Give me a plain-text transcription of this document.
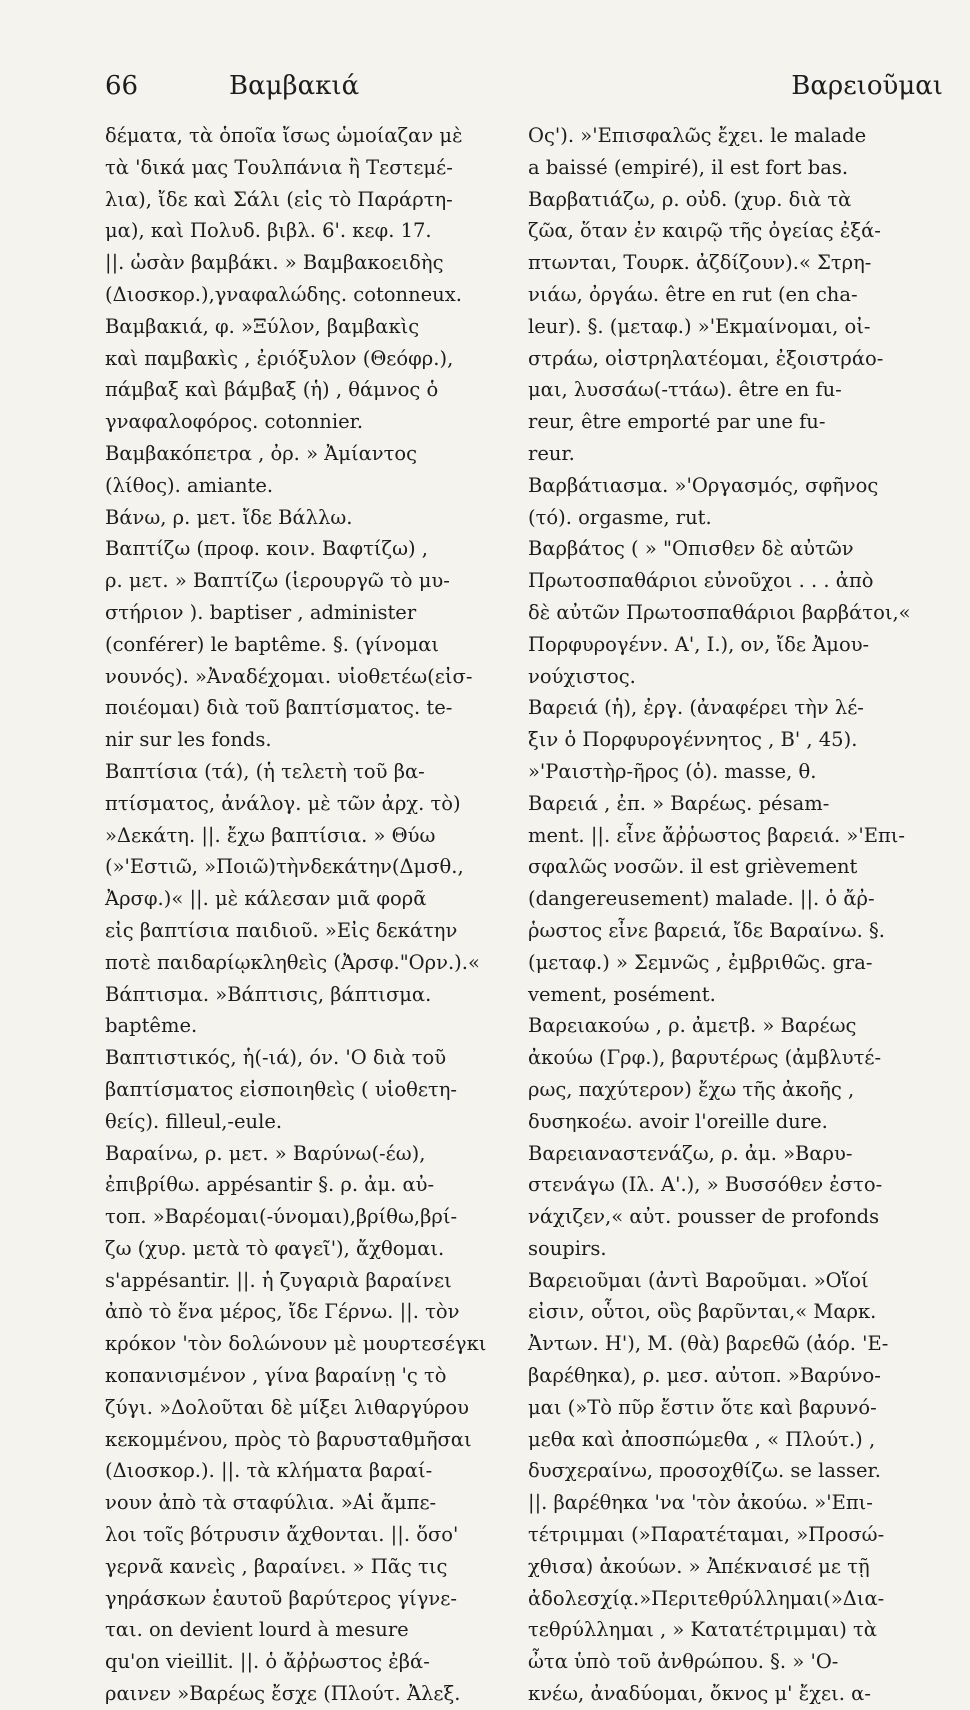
66	Βαμβακιά	Βαρειοῦμαι
δέματα, τὰ ὁποῖα ἴσως ὡμοίαζαν μὲ
τὰ 'δικά μας Τουλπάνια ἢ Τεστεμέ-
λια), ἴδε καὶ Σάλι (εἰς τὸ Παράρτη-
μα), καὶ Πολυδ. βιβλ. 6'. κεφ. 17.
||. ὡσὰν βαμβάκι. » Βαμβακοειδὴς
(Διοσκορ.),γναφαλώδης. cotonneux.
Βαμβακιά, φ. »Ξύλον, βαμβακὶς
καὶ παμβακὶς , ἐριόξυλον (Θεόφρ.),
πάμβαξ καὶ βάμβαξ (ἡ) , θάμνος ὁ
γναφαλοφόρος. cotonnier.
Βαμβακόπετρα , ὀρ. » Ἀμίαντος
(λίθος). amiante.
Βάνω, ρ. μετ. ἴδε Βάλλω.
Βαπτίζω (προφ. κοιν. Βαφτίζω) ,
ρ. μετ. » Βαπτίζω (ἱερουργῶ τὸ μυ-
στήριον ). baptiser , administer
(conférer) le baptême. §. (γίνομαι
νουνός). »Ἀναδέχομαι. υἱοθετέω(εἰσ-
ποιέομαι) διὰ τοῦ βαπτίσματος. te-
nir sur les fonds.
Βαπτίσια (τά), (ἡ τελετὴ τοῦ βα-
πτίσματος, ἀνάλογ. μὲ τῶν ἀρχ. τὸ)
»Δεκάτη. ||. ἔχω βαπτίσια. » Θύω
(»'Εστιῶ, »Ποιῶ)τὴνδεκάτην(Δμσθ.,
Ἀρσφ.)« ||. μὲ κάλεσαν μιᾶ φορᾶ
εἰς βαπτίσια παιδιοῦ. »Εἰς δεκάτην
ποτὲ παιδαρίῳκληθεὶς (Ἀρσφ."Ορν.).«
Βάπτισμα. »Βάπτισις, βάπτισμα.
baptême.
Βαπτιστικός, ἡ(-ιά), όν. 'Ο διὰ τοῦ
βαπτίσματος εἰσποιηθεὶς ( υἱοθετη-
θείς). filleul,-eule.
Βαραίνω, ρ. μετ. » Βαρύνω(-έω),
ἐπιβρίθω. appésantir §. ρ. ἀμ. αὐ-
τοπ. »Βαρέομαι(-ύνομαι),βρίθω,βρί-
ζω (χυρ. μετὰ τὸ φαγεῖ'), ἄχθομαι.
s'appésantir. ||. ἡ ζυγαριὰ βαραίνει
ἀπὸ τὸ ἕνα μέρος, ἴδε Γέρνω. ||. τὸν
κρόκον 'τὸν δολώνουν μὲ μουρτεσέγκι
κοπανισμένον , γίνα βαραίνῃ 'ς τὸ
ζύγι. »Δολοῦται δὲ μίξει λιθαργύρου
κεκομμένου, πρὸς τὸ βαρυσταθμῆσαι
(Διοσκορ.). ||. τὰ κλήματα βαραί-
νουν ἀπὸ τὰ σταφύλια. »Αἱ ἄμπε-
λοι τοῖς βότρυσιν ἄχθονται. ||. ὅσο'
γερνᾶ κανεὶς , βαραίνει. » Πᾶς τις
γηράσκων ἑαυτοῦ βαρύτερος γίγνε-
ται. on devient lourd à mesure
qu'on vieillit. ||. ὁ ἄῤῥωστος ἐβά-
ραινεν »Βαρέως ἔσχε (Πλούτ. Ἀλεξ.
Ος'). »'Επισφαλῶς ἔχει. le malade
a baissé (empiré), il est fort bas.
Βαρβατιάζω, ρ. οὐδ. (χυρ. διὰ τὰ
ζῶα, ὅταν ἐν καιρῷ τῆς ὀγείας ἐξά-
πτωνται, Τουρκ. ἀζδίζουν).« Στρη-
νιάω, ὀργάω. être en rut (en cha-
leur). §. (μεταφ.) »'Εκμαίνομαι, οἰ-
στράω, οἰστρηλατέομαι, ἐξοιστράο-
μαι, λυσσάω(-ττάω). être en fu-
reur, être emporté par une fu-
reur.
Βαρβάτιασμα. »'Οργασμός, σφῆνος
(τό). orgasme, rut.
Βαρβάτος ( » "Οπισθεν δὲ αὐτῶν
Πρωτοσπαθάριοι εὐνοῦχοι . . . ἀπὸ
δὲ αὐτῶν Πρωτοσπαθάριοι βαρβάτοι,«
Πορφυρογένν. Α', Ι.), ον, ἴδε Ἀμου-
νούχιστος.
Βαρειά (ἡ), ἐργ. (ἀναφέρει τὴν λέ-
ξιν ὁ Πορφυρογέννητος , Β' , 45).
»'Ραιστὴρ-ῆρος (ὁ). masse, θ.
Βαρειά , ἐπ. » Βαρέως. pésam-
ment. ||. εἶνε ἄῤῥωστος βαρειά. »'Επι-
σφαλῶς νοσῶν. il est grièvement
(dangereusement) malade. ||. ὁ ἄῤ-
ῥωστος εἶνε βαρειά, ἴδε Βαραίνω. §.
(μεταφ.) » Σεμνῶς , ἐμβριθῶς. gra-
vement, posément.
Βαρειακούω , ρ. ἀμετβ. » Βαρέως
ἀκούω (Γρφ.), βαρυτέρως (ἀμβλυτέ-
ρως, παχύτερον) ἔχω τῆς ἀκοῆς ,
δυσηκοέω. avoir l'oreille dure.
Βαρειαναστενάζω, ρ. ἀμ. »Βαρυ-
στενάγω (Ιλ. Α'.), » Βυσσόθεν ἐστο-
νάχιζεν,« αὐτ. pousser de profonds
soupirs.
Βαρειοῦμαι (ἀντὶ Βαροῦμαι. »Οἵοί
εἰσιν, οὗτοι, οὓς βαρῦνται,« Μαρκ.
Ἀντων. Η'), Μ. (θὰ) βαρεθῶ (ἀόρ. 'Ε-
βαρέθηκα), ρ. μεσ. αὐτοπ. »Βαρύνο-
μαι (»Τὸ πῦρ ἔστιν ὅτε καὶ βαρυνό-
μεθα καὶ ἀποσπώμεθα , « Πλούτ.) ,
δυσχεραίνω, προσοχθίζω. se lasser.
||. βαρέθηκα 'να 'τὸν ἀκούω. »'Επι-
τέτριμμαι (»Παρατέταμαι, »Προσώ-
χθισα) ἀκούων. » Ἀπέκναισέ με τῇ
ἀδολεσχίᾳ.»Περιτεθρύλλημαι(»Δια-
τεθρύλλημαι , » Κατατέτριμμαι) τὰ
ὦτα ὑπὸ τοῦ ἀνθρώπου. §. » 'Ο-
κνέω, ἀναδύομαι, ὄκνος μ' ἔχει. α-
